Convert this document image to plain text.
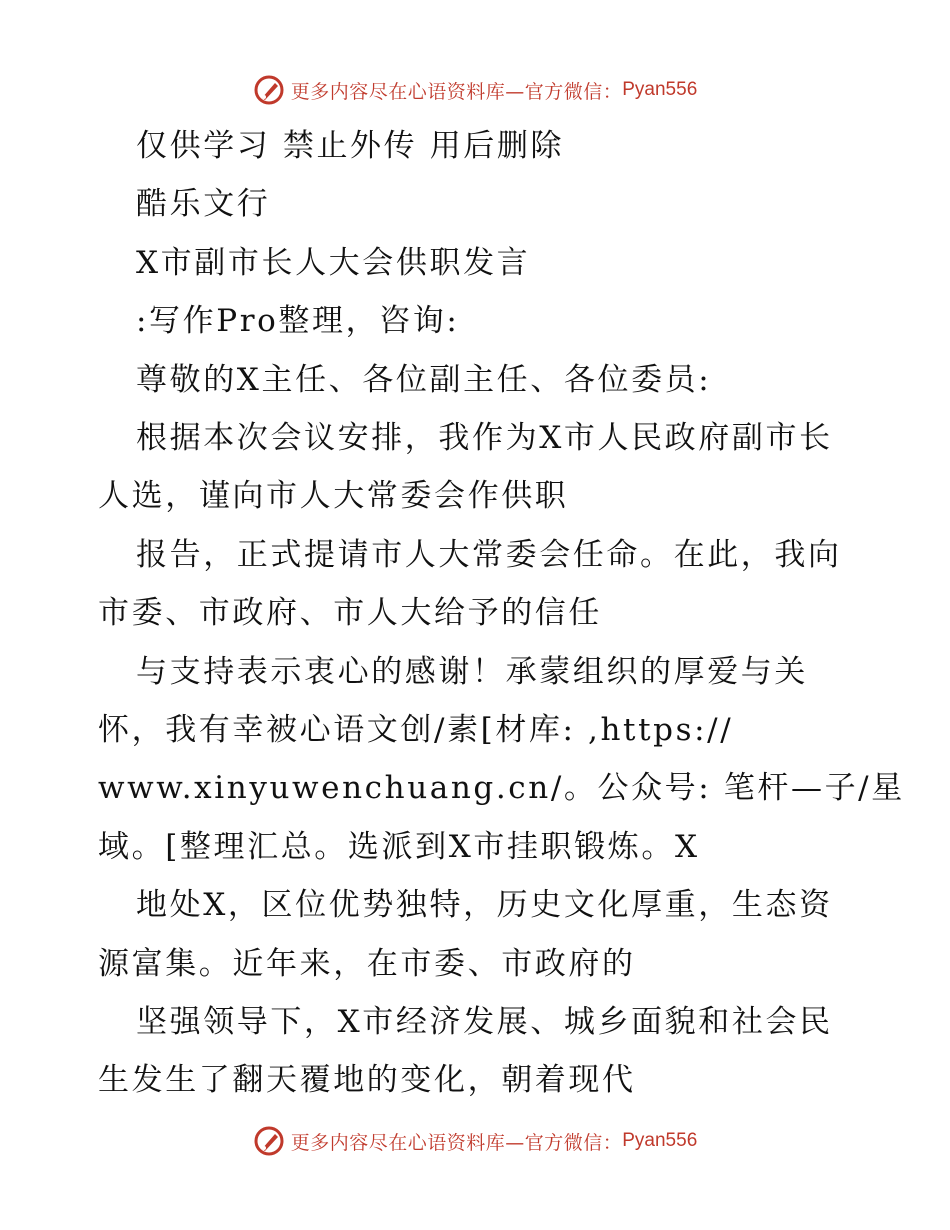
更多内容尽在心语资料库—官方微信： Pyan556
仅供学习 禁止外传 用后删除
酷乐文行
X市副市长人大会供职发言
:写作Pro整理，咨询:
尊敬的X主任、各位副主任、各位委员:
根据本次会议安排，我作为X市人民政府副市长
人选，谨向市人大常委会作供职
报告，正式提请市人大常委会任命。在此，我向
市委、市政府、市人大给予的信任
与支持表示衷心的感谢！承蒙组织的厚爱与关
怀，我有幸被心语文创/素[材库: ,https://
www.xinyuwenchuang.cn/。公众号: 笔杆—子/星
域。[整理汇总。选派到X市挂职锻炼。X
地处X，区位优势独特，历史文化厚重，生态资
源富集。近年来，在市委、市政府的
坚强领导下，X市经济发展、城乡面貌和社会民
生发生了翻天覆地的变化，朝着现代
更多内容尽在心语资料库—官方微信： Pyan556
